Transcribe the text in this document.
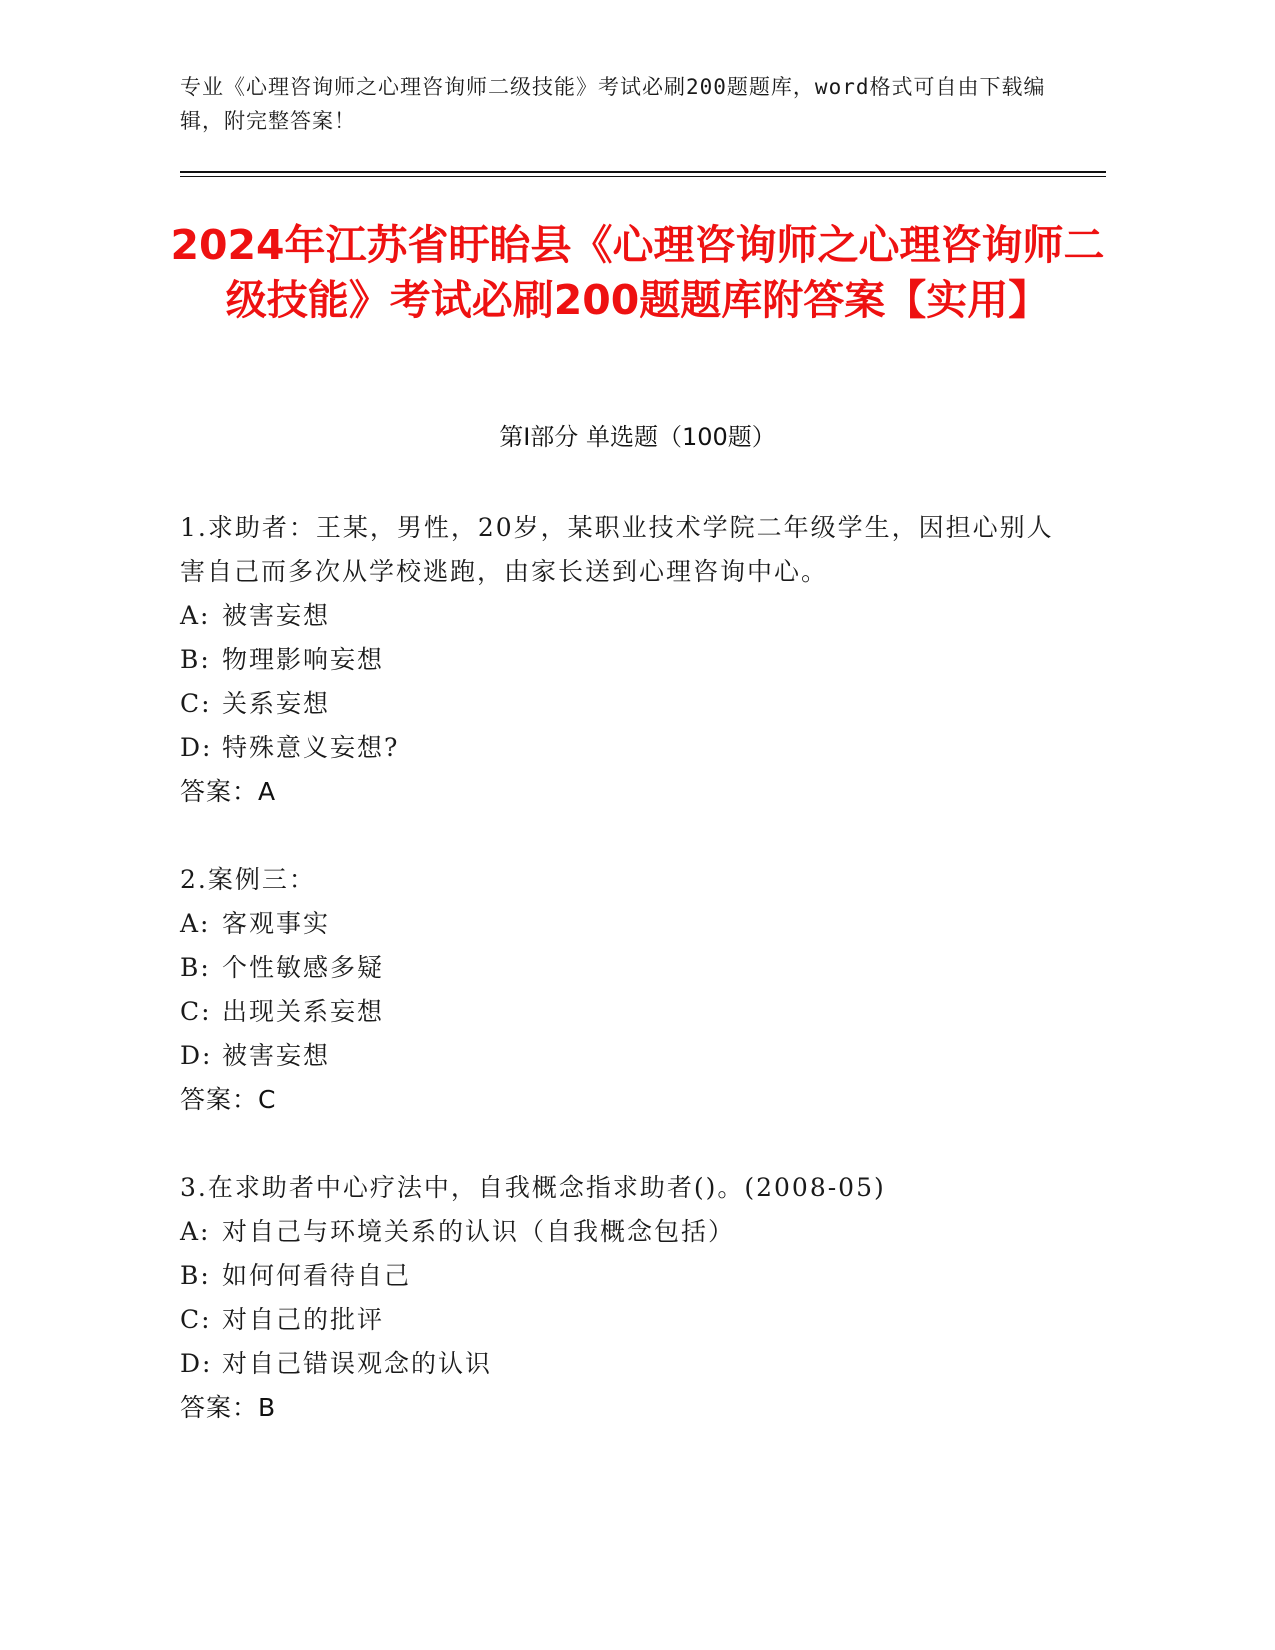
专业《心理咨询师之心理咨询师二级技能》考试必刷200题题库，word格式可自由下载编辑，附完整答案！
2024年江苏省盱眙县《心理咨询师之心理咨询师二级技能》考试必刷200题题库附答案【实用】
第I部分 单选题（100题）
1.求助者：王某，男性，20岁，某职业技术学院二年级学生，因担心别人害自己而多次从学校逃跑，由家长送到心理咨询中心。
A: 被害妄想
B: 物理影响妄想
C: 关系妄想
D: 特殊意义妄想?
答案：A
2.案例三：
A: 客观事实
B: 个性敏感多疑
C: 出现关系妄想
D: 被害妄想
答案：C
3.在求助者中心疗法中，自我概念指求助者()。(2008-05)
A: 对自己与环境关系的认识（自我概念包括）
B: 如何何看待自己
C: 对自己的批评
D: 对自己错误观念的认识
答案：B
